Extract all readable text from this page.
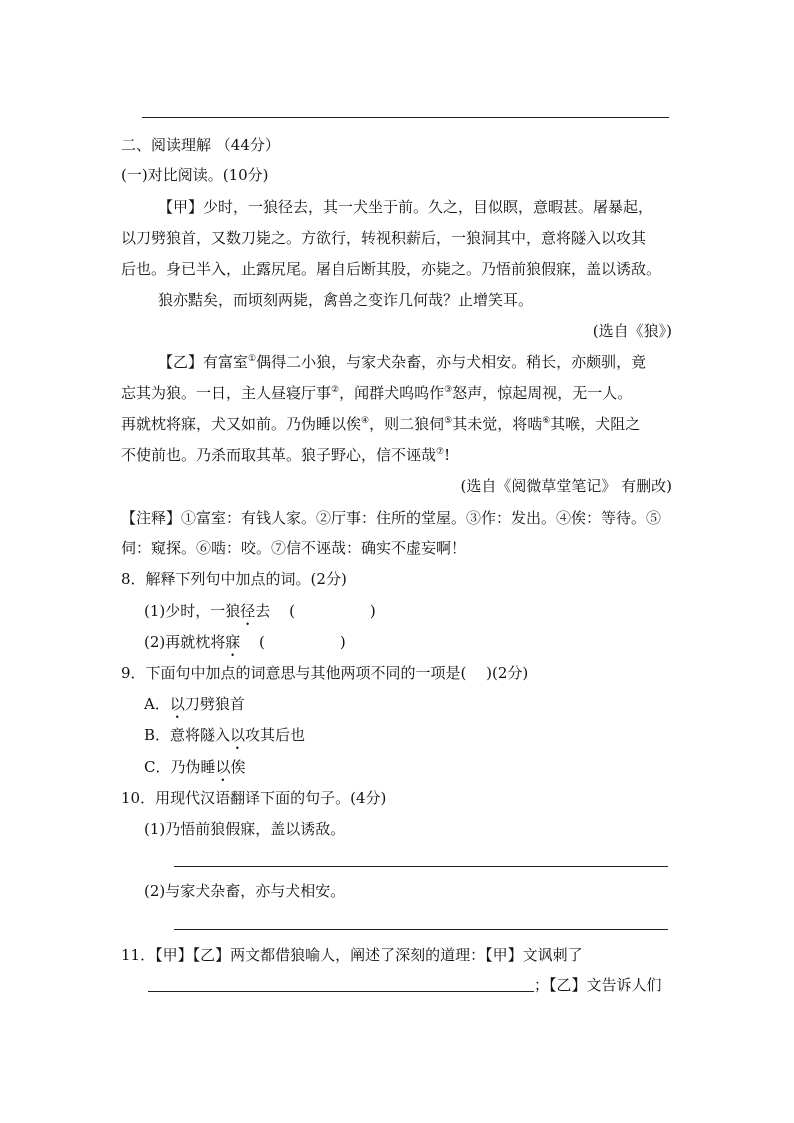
二、阅读理解 （44分）
(一)对比阅读。(10分)
【甲】少时，一狼径去，其一犬坐于前。久之，目似瞑，意暇甚。屠暴起，
以刀劈狼首，又数刀毙之。方欲行，转视积薪后，一狼洞其中，意将隧入以攻其
后也。身已半入，止露尻尾。屠自后断其股，亦毙之。乃悟前狼假寐，盖以诱敌。
狼亦黠矣，而顷刻两毙，禽兽之变诈几何哉？止增笑耳。
(选自《狼》)
【乙】有富室①偶得二小狼，与家犬杂畜，亦与犬相安。稍长，亦颇驯，竟
忘其为狼。一日，主人昼寝厅事②，闻群犬呜呜作③怒声，惊起周视，无一人。
再就枕将寐，犬又如前。乃伪睡以俟④，则二狼伺⑤其未觉，将啮⑥其喉，犬阻之
不使前也。乃杀而取其革。狼子野心，信不诬哉⑦!
(选自《阅微草堂笔记》 有删改)
【注释】①富室：有钱人家。②厅事：住所的堂屋。③作：发出。④俟：等待。⑤
伺：窥探。⑥啮：咬。⑦信不诬哉：确实不虚妄啊！
8．解释下列句中加点的词。(2分)
(1)少时，一狼径去 (　　　　　)
(2)再就枕将寐 (　　　　　)
9．下面句中加点的词意思与其他两项不同的一项是(　 )(2分)
A．以刀劈狼首
B．意将隧入以攻其后也
C．乃伪睡以俟
10．用现代汉语翻译下面的句子。(4分)
(1)乃悟前狼假寐，盖以诱敌。
(2)与家犬杂畜，亦与犬相安。
11．【甲】【乙】两文都借狼喻人，阐述了深刻的道理：【甲】文讽刺了
；【乙】文告诉人们
